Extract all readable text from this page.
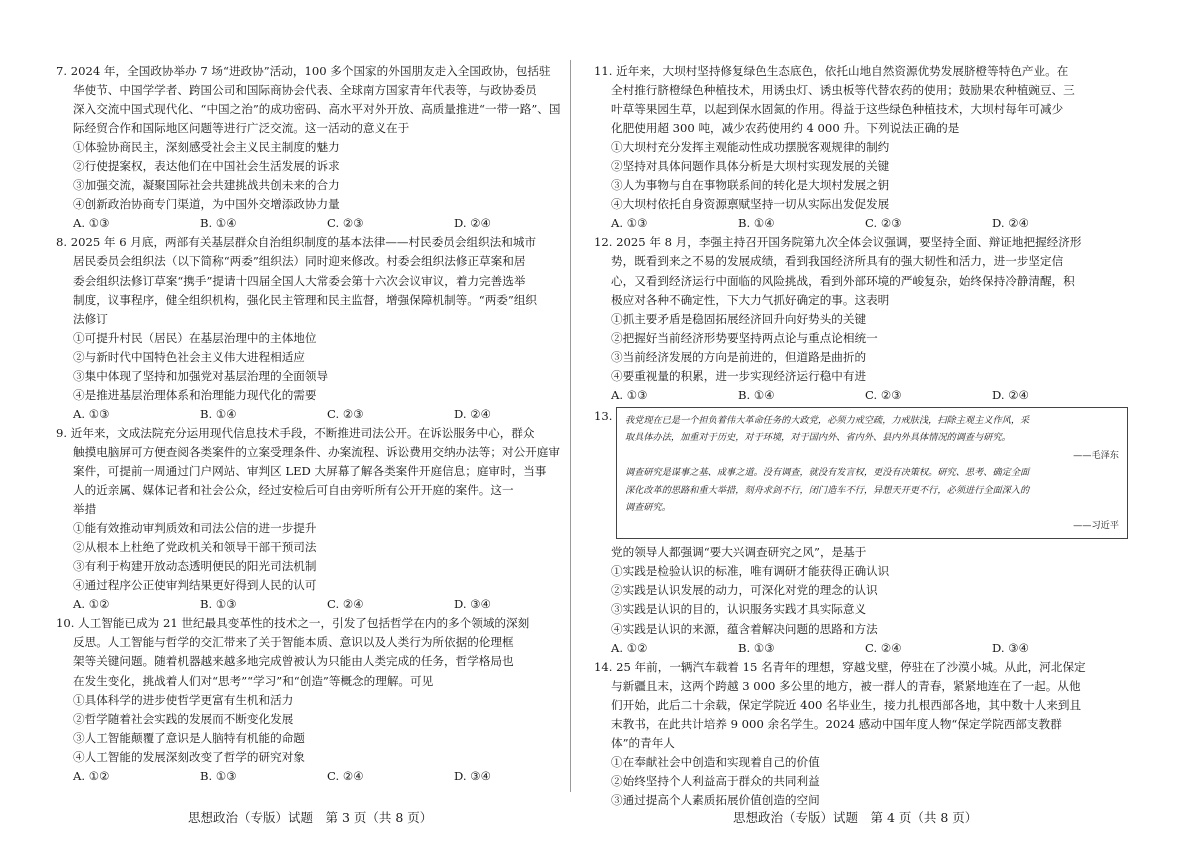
7. 2024 年，全国政协举办 7 场“进政协”活动，100 多个国家的外国朋友走入全国政协，包括驻
华使节、中国学学者、跨国公司和国际商协会代表、全球南方国家青年代表等，与政协委员
深入交流中国式现代化、“中国之治”的成功密码、高水平对外开放、高质量推进“一带一路”、国
际经贸合作和国际地区问题等进行广泛交流。这一活动的意义在于
①体验协商民主，深刻感受社会主义民主制度的魅力
②行使提案权，表达他们在中国社会生活发展的诉求
③加强交流，凝聚国际社会共建挑战共创未来的合力
④创新政治协商专门渠道，为中国外交增添政协力量
A. ①③	B. ①④	C. ②③	D. ②④
8. 2025 年 6 月底，两部有关基层群众自治组织制度的基本法律——村民委员会组织法和城市
居民委员会组织法（以下简称“两委”组织法）同时迎来修改。村委会组织法修正草案和居
委会组织法修订草案“携手”提请十四届全国人大常委会第十六次会议审议，着力完善选举
制度，议事程序，健全组织机构，强化民主管理和民主监督，增强保障机制等。“两委”组织
法修订
①可提升村民（居民）在基层治理中的主体地位
②与新时代中国特色社会主义伟大进程相适应
③集中体现了坚持和加强党对基层治理的全面领导
④是推进基层治理体系和治理能力现代化的需要
A. ①③	B. ①④	C. ②③	D. ②④
9. 近年来，文成法院充分运用现代信息技术手段，不断推进司法公开。在诉讼服务中心，群众
触摸电脑屏可方便查阅各类案件的立案受理条件、办案流程、诉讼费用交纳办法等；对公开庭审
案件，可提前一周通过门户网站、审判区 LED 大屏幕了解各类案件开庭信息；庭审时，当事
人的近亲属、媒体记者和社会公众，经过安检后可自由旁听所有公开开庭的案件。这一
举措
①能有效推动审判质效和司法公信的进一步提升
②从根本上杜绝了党政机关和领导干部干预司法
③有利于构建开放动态透明便民的阳光司法机制
④通过程序公正使审判结果更好得到人民的认可
A. ①②	B. ①③	C. ②④	D. ③④
10. 人工智能已成为 21 世纪最具变革性的技术之一，引发了包括哲学在内的多个领域的深刻
反思。人工智能与哲学的交汇带来了关于智能本质、意识以及人类行为所依据的伦理框
架等关键问题。随着机器越来越多地完成曾被认为只能由人类完成的任务，哲学格局也
在发生变化，挑战着人们对“思考”“学习”和“创造”等概念的理解。可见
①具体科学的进步使哲学更富有生机和活力
②哲学随着社会实践的发展而不断变化发展
③人工智能颠覆了意识是人脑特有机能的命题
④人工智能的发展深刻改变了哲学的研究对象
A. ①②	B. ①③	C. ②④	D. ③④
11. 近年来，大坝村坚持修复绿色生态底色，依托山地自然资源优势发展脐橙等特色产业。在
全村推行脐橙绿色种植技术，用诱虫灯、诱虫板等代替农药的使用；鼓励果农种植豌豆、三
叶草等果园生草，以起到保水固氮的作用。得益于这些绿色种植技术，大坝村每年可减少
化肥使用超 300 吨，减少农药使用约 4 000 升。下列说法正确的是
①大坝村充分发挥主观能动性成功摆脱客观规律的制约
②坚持对具体问题作具体分析是大坝村实现发展的关键
③人为事物与自在事物联系间的转化是大坝村发展之钥
④大坝村依托自身资源禀赋坚持一切从实际出发促发展
A. ①③	B. ①④	C. ②③	D. ②④
12. 2025 年 8 月，李强主持召开国务院第九次全体会议强调，要坚持全面、辩证地把握经济形
势，既看到来之不易的发展成绩，看到我国经济所具有的强大韧性和活力，进一步坚定信
心，又看到经济运行中面临的风险挑战，看到外部环境的严峻复杂，始终保持冷静清醒，积
极应对各种不确定性，下大力气抓好确定的事。这表明
①抓主要矛盾是稳固拓展经济回升向好势头的关键
②把握好当前经济形势要坚持两点论与重点论相统一
③当前经济发展的方向是前进的，但道路是曲折的
④要重视量的积累，进一步实现经济运行稳中有进
A. ①③	B. ①④	C. ②③	D. ②④
13. 我党现在已是一个担负着伟大革命任务的大政党，必须力戒空疏，力戒肤浅，扫除主观主义作风，采
取具体办法，加重对于历史，对于环境，对于国内外、省内外、县内外具体情况的调查与研究。
——毛泽东
调查研究是谋事之基、成事之道。没有调查，就没有发言权，更没有决策权。研究、思考、确定全面
深化改革的思路和重大举措，刻舟求剑不行，闭门造车不行，异想天开更不行，必须进行全面深入的
调查研究。
——习近平
党的领导人都强调“要大兴调查研究之风”，是基于
①实践是检验认识的标准，唯有调研才能获得正确认识
②实践是认识发展的动力，可深化对党的理念的认识
③实践是认识的目的，认识服务实践才具实际意义
④实践是认识的来源，蕴含着解决问题的思路和方法
A. ①②	B. ①③	C. ②④	D. ③④
14. 25 年前，一辆汽车载着 15 名青年的理想，穿越戈壁，停驻在了沙漠小城。从此，河北保定
与新疆且末，这两个跨越 3 000 多公里的地方，被一群人的青春，紧紧地连在了一起。从他
们开始，此后二十余载，保定学院近 400 名毕业生，接力扎根西部各地，其中数十人来到且
末教书，在此共计培养 9 000 余名学生。2024 感动中国年度人物“保定学院西部支教群
体”的青年人
①在奉献社会中创造和实现着自己的价值
②始终坚持个人利益高于群众的共同利益
③通过提高个人素质拓展价值创造的空间
思想政治（专版）试题　第 3 页（共 8 页）	思想政治（专版）试题　第 4 页（共 8 页）
